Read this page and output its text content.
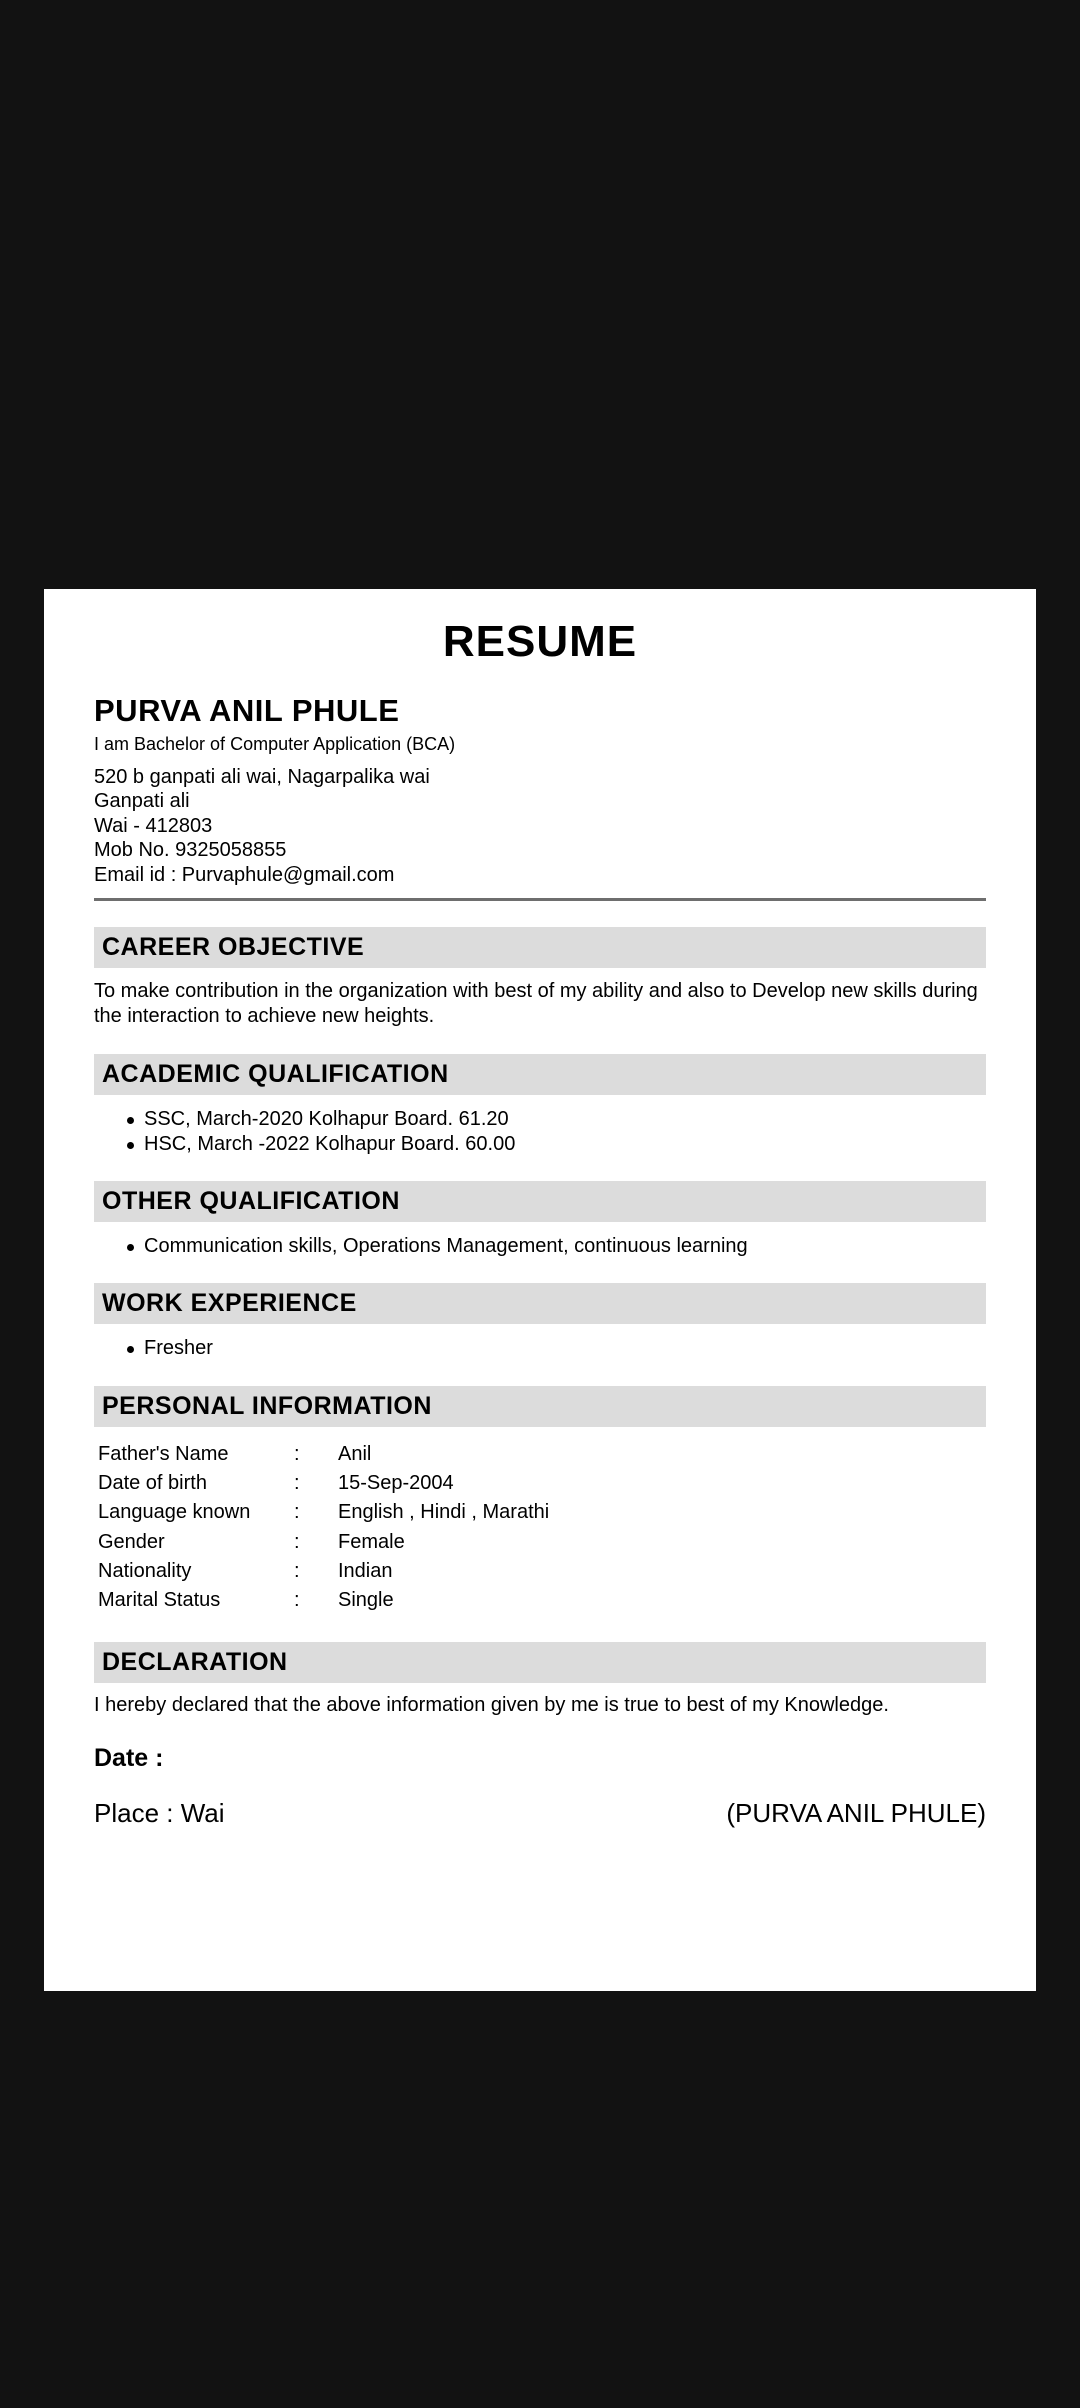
RESUME
PURVA ANIL PHULE
I am Bachelor of Computer Application (BCA)
520 b ganpati ali wai, Nagarpalika wai
Ganpati ali
Wai - 412803
Mob No. 9325058855
Email id : Purvaphule@gmail.com
CAREER OBJECTIVE
To make contribution in the organization with best of my ability and also to Develop new skills during the interaction to achieve new heights.
ACADEMIC QUALIFICATION
SSC, March-2020 Kolhapur Board. 61.20
HSC, March -2022 Kolhapur Board. 60.00
OTHER QUALIFICATION
Communication skills, Operations Management, continuous learning
WORK EXPERIENCE
Fresher
PERSONAL INFORMATION
Father's Name	: Anil
Date of birth	: 15-Sep-2004
Language known : English , Hindi , Marathi
Gender	: Female
Nationality	: Indian
Marital Status	: Single
DECLARATION
I hereby declared that the above information given by me is true to best of my Knowledge.
Date :
Place : Wai	(PURVA ANIL PHULE)
